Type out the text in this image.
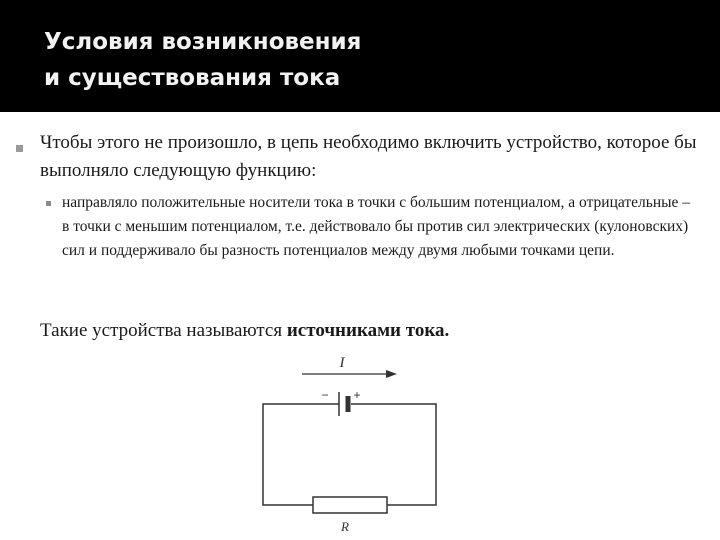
Условия возникновения
и существования тока

Чтобы этого не произошло, в цепь необходимо включить устройство, которое бы выполняло следующую функцию:

направляло положительные носители тока в точки с большим потенциалом, а отрицательные – в точки с меньшим потенциалом, т.е. действовало бы против сил электрических (кулоновских) сил и поддерживало бы разность потенциалов между двумя любыми точками цепи.

Такие устройства называются источниками тока.

I
− +
R
